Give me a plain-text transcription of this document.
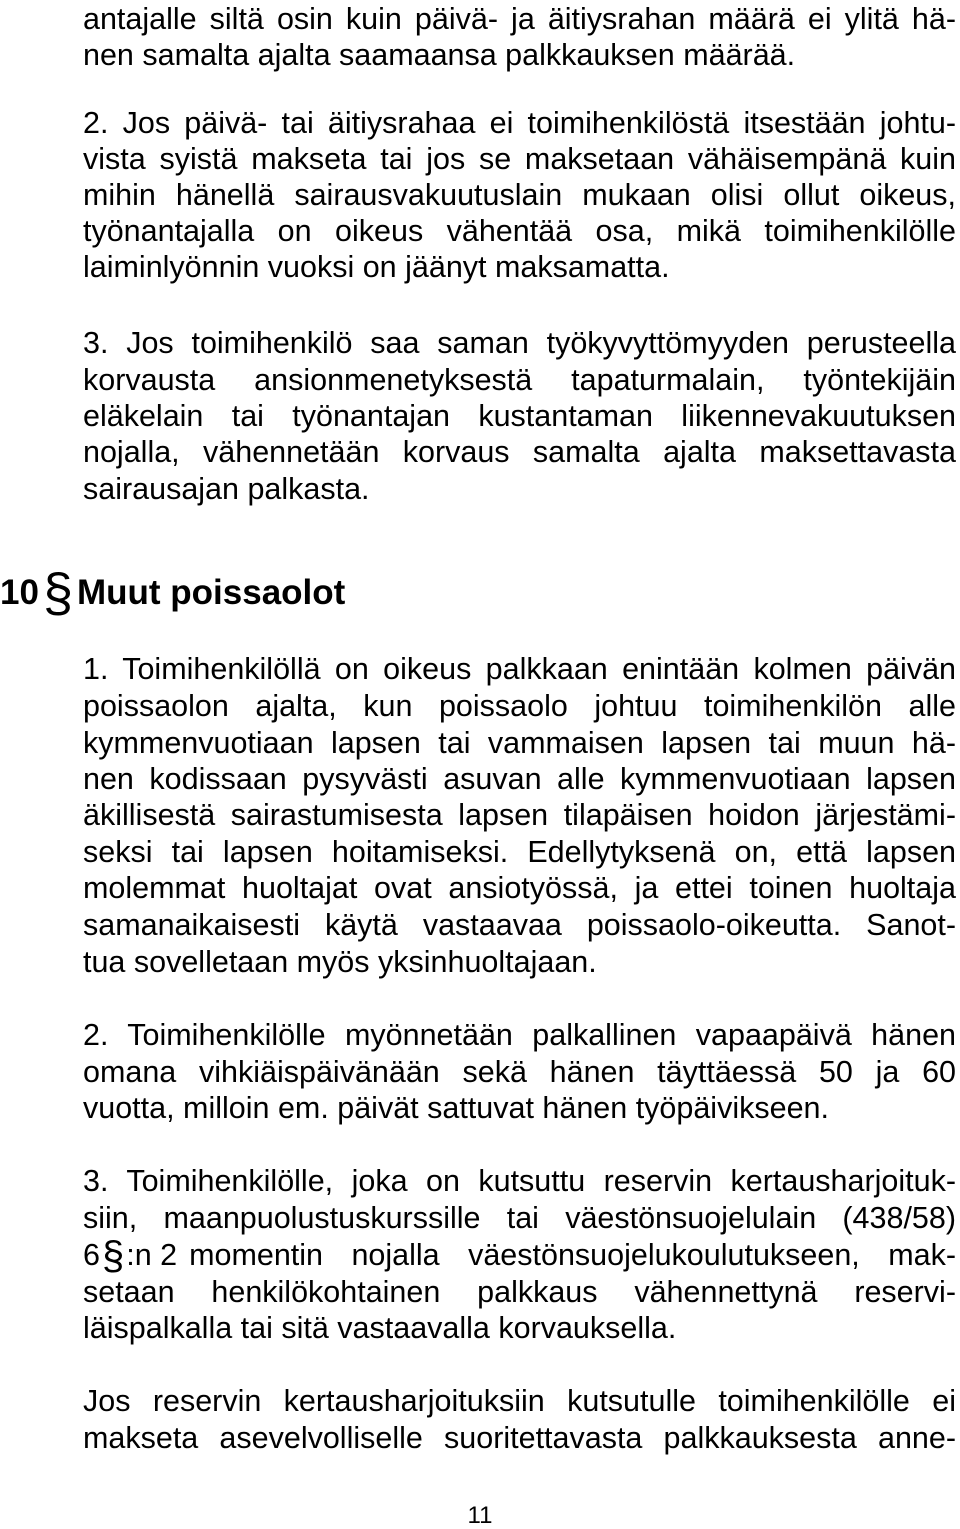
antajalle siltä osin kuin päivä- ja äitiysrahan määrä ei ylitä hä-

nen samalta ajalta saamaansa palkkauksen määrää.

2. Jos päivä- tai äitiysrahaa ei toimihenkilöstä itsestään johtu-

vista syistä makseta tai jos se maksetaan vähäisempänä kuin

mihin hänellä sairausvakuutuslain mukaan olisi ollut oikeus,

työnantajalla on oikeus vähentää osa, mikä toimihenkilölle

laiminlyönnin vuoksi on jäänyt maksamatta.

3. Jos toimihenkilö saa saman työkyvyttömyyden perusteella

korvausta ansionmenetyksestä tapaturmalain, työntekijäin

eläkelain tai työnantajan kustantaman liikennevakuutuksen

nojalla, vähennetään korvaus samalta ajalta maksettavasta

sairausajan palkasta.

10§ Muut poissaolot

1. Toimihenkilöllä on oikeus palkkaan enintään kolmen päivän

poissaolon ajalta, kun poissaolo johtuu toimihenkilön alle

kymmenvuotiaan lapsen tai vammaisen lapsen tai muun hä-

nen kodissaan pysyvästi asuvan alle kymmenvuotiaan lapsen

äkillisestä sairastumisesta lapsen tilapäisen hoidon järjestämi-

seksi tai lapsen hoitamiseksi. Edellytyksenä on, että lapsen

molemmat huoltajat ovat ansiotyössä, ja ettei toinen huoltaja

samanaikaisesti käytä vastaavaa poissaolo-oikeutta. Sanot-

tua sovelletaan myös yksinhuoltajaan.

2. Toimihenkilölle myönnetään palkallinen vapaapäivä hänen

omana vihkiäispäivänään sekä hänen täyttäessä 50 ja 60

vuotta, milloin em. päivät sattuvat hänen työpäivikseen.

3. Toimihenkilölle, joka on kutsuttu reservin kertausharjoituk-

siin, maanpuolustuskurssille tai väestönsuojelulain (438/58)

6§:n 2 momentin nojalla väestönsuojelukoulutukseen, mak-

setaan henkilökohtainen palkkaus vähennettynä reservi-

läispalkalla tai sitä vastaavalla korvauksella.

Jos reservin kertausharjoituksiin kutsutulle toimihenkilölle ei

makseta asevelvolliselle suoritettavasta palkkauksesta anne-

11
